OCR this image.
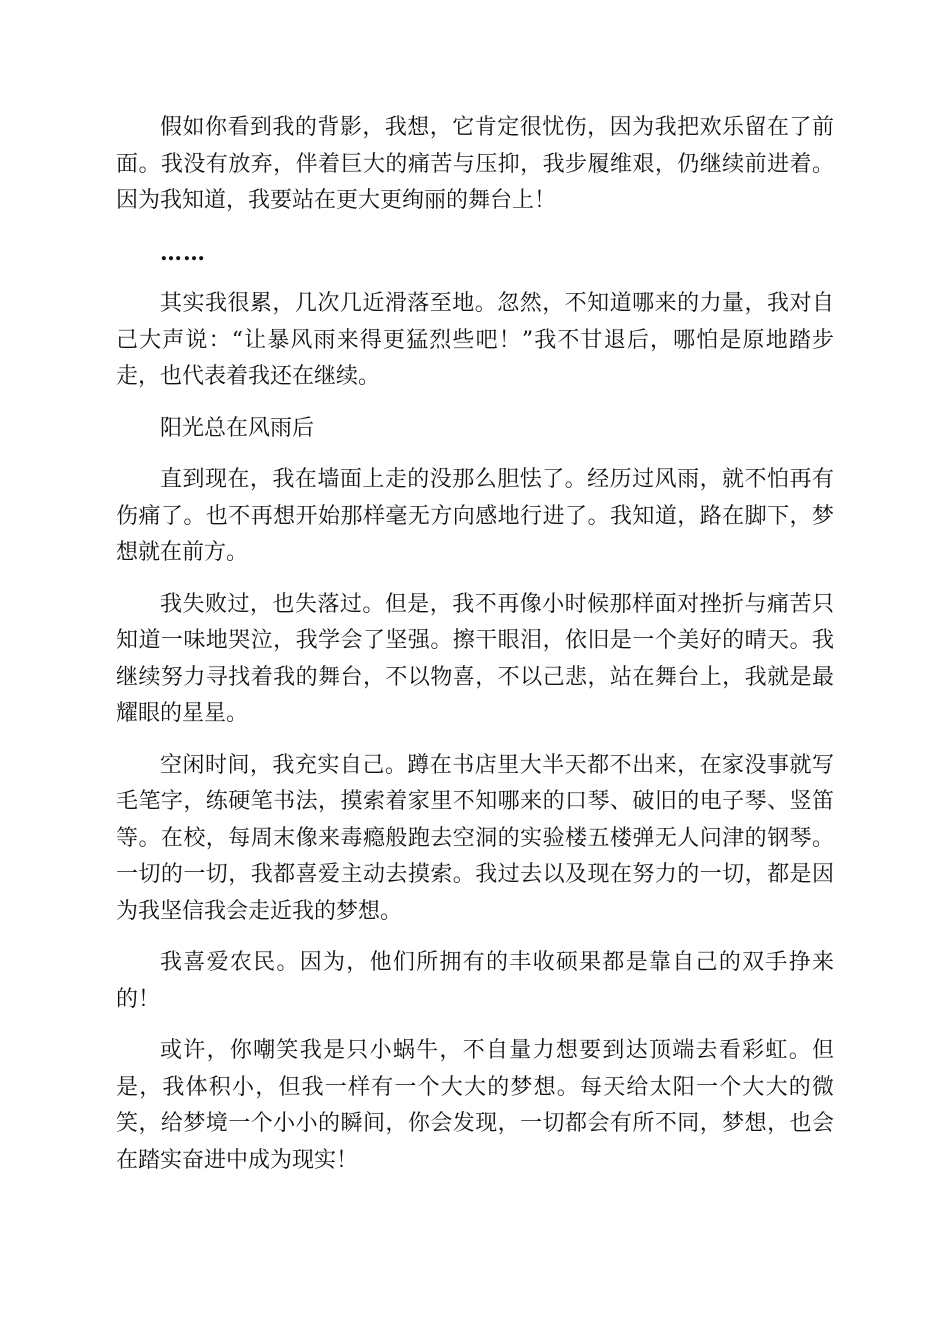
假如你看到我的背影，我想，它肯定很忧伤，因为我把欢乐留在了前面。我没有放弃，伴着巨大的痛苦与压抑，我步履维艰，仍继续前进着。因为我知道，我要站在更大更绚丽的舞台上！

……

其实我很累，几次几近滑落至地。忽然，不知道哪来的力量，我对自己大声说：“让暴风雨来得更猛烈些吧！”我不甘退后，哪怕是原地踏步走，也代表着我还在继续。

阳光总在风雨后

直到现在，我在墙面上走的没那么胆怯了。经历过风雨，就不怕再有伤痛了。也不再想开始那样毫无方向感地行进了。我知道，路在脚下，梦想就在前方。

我失败过，也失落过。但是，我不再像小时候那样面对挫折与痛苦只知道一味地哭泣，我学会了坚强。擦干眼泪，依旧是一个美好的晴天。我继续努力寻找着我的舞台，不以物喜，不以己悲，站在舞台上，我就是最耀眼的星星。

空闲时间，我充实自己。蹲在书店里大半天都不出来，在家没事就写毛笔字，练硬笔书法，摸索着家里不知哪来的口琴、破旧的电子琴、竖笛等。在校，每周末像来毒瘾般跑去空洞的实验楼五楼弹无人问津的钢琴。一切的一切，我都喜爱主动去摸索。我过去以及现在努力的一切，都是因为我坚信我会走近我的梦想。

我喜爱农民。因为，他们所拥有的丰收硕果都是靠自己的双手挣来的！

或许，你嘲笑我是只小蜗牛，不自量力想要到达顶端去看彩虹。但是，我体积小，但我一样有一个大大的梦想。每天给太阳一个大大的微笑，给梦境一个小小的瞬间，你会发现，一切都会有所不同，梦想，也会在踏实奋进中成为现实！
